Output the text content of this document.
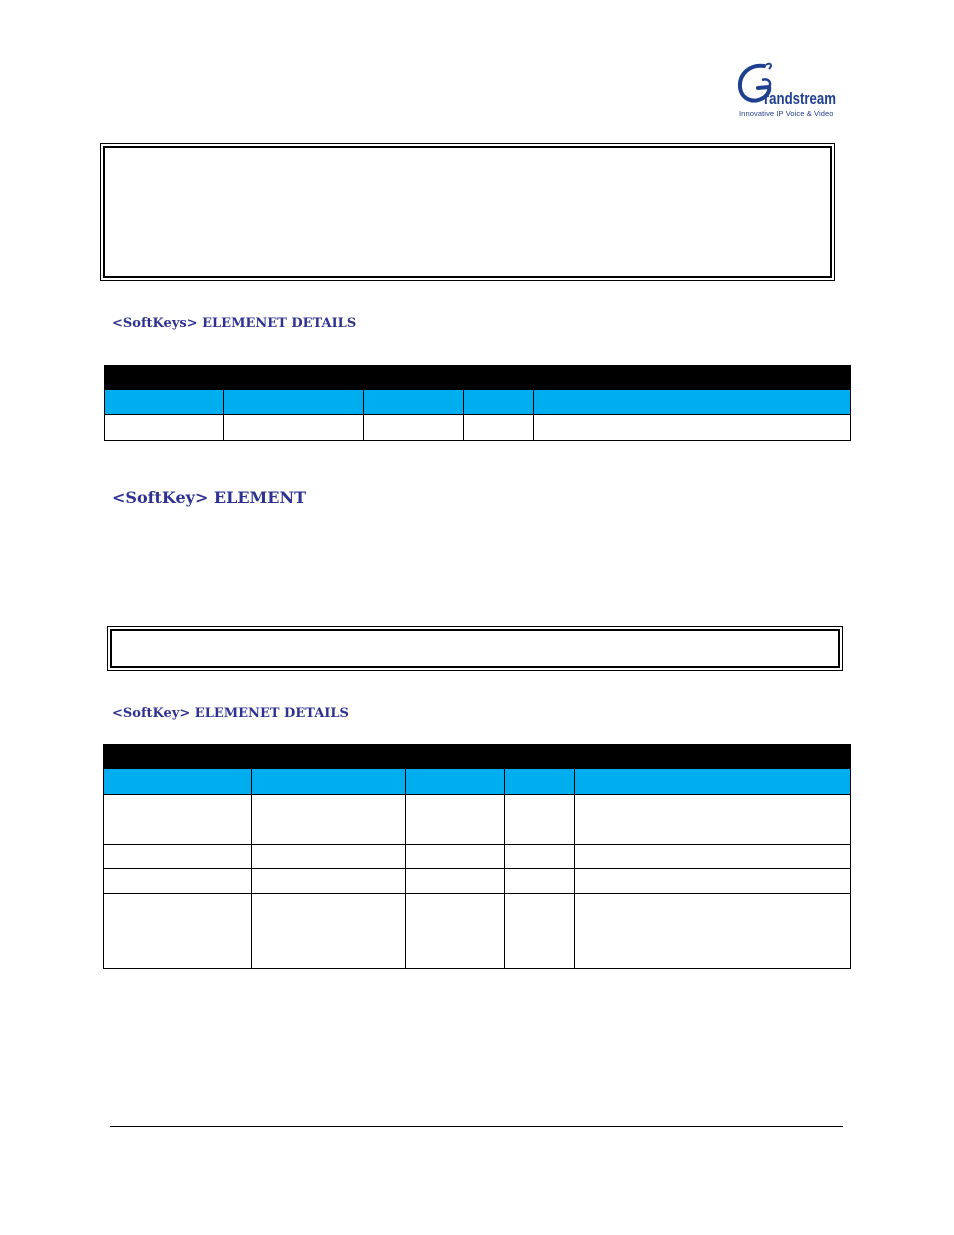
randstream
Innovative IP Voice & Video
<SoftKeys> ELEMENET DETAILS
<SoftKey> ELEMENT
<SoftKey> ELEMENET DETAILS
